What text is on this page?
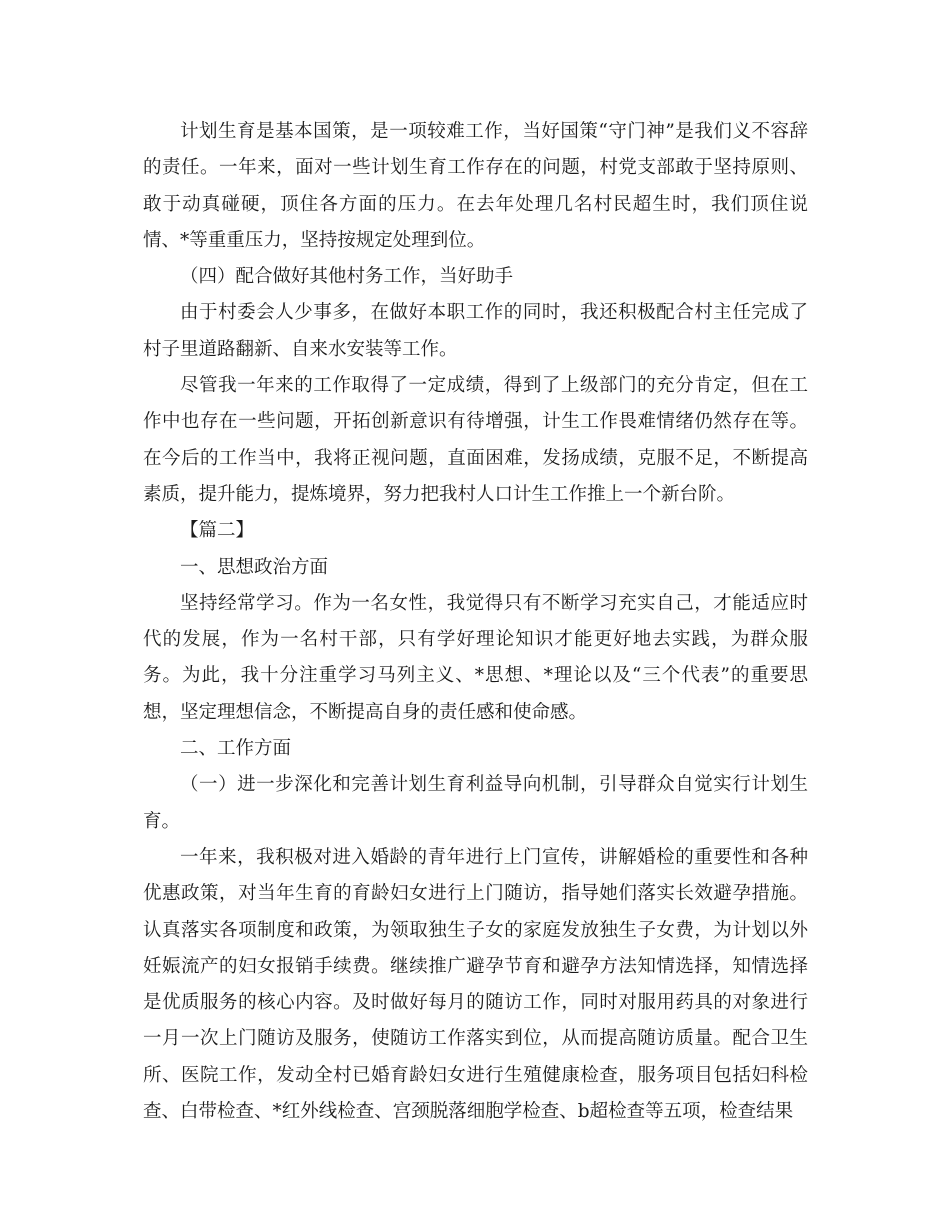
计划生育是基本国策，是一项较难工作，当好国策“守门神”是我们义不容辞的责任。一年来，面对一些计划生育工作存在的问题，村党支部敢于坚持原则、敢于动真碰硬，顶住各方面的压力。在去年处理几名村民超生时，我们顶住说情、*等重重压力，坚持按规定处理到位。

（四）配合做好其他村务工作，当好助手

由于村委会人少事多，在做好本职工作的同时，我还积极配合村主任完成了村子里道路翻新、自来水安装等工作。

尽管我一年来的工作取得了一定成绩，得到了上级部门的充分肯定，但在工作中也存在一些问题，开拓创新意识有待增强，计生工作畏难情绪仍然存在等。在今后的工作当中，我将正视问题，直面困难，发扬成绩，克服不足，不断提高素质，提升能力，提炼境界，努力把我村人口计生工作推上一个新台阶。

【篇二】

一、思想政治方面

坚持经常学习。作为一名女性，我觉得只有不断学习充实自己，才能适应时代的发展，作为一名村干部，只有学好理论知识才能更好地去实践，为群众服务。为此，我十分注重学习马列主义、*思想、*理论以及“三个代表”的重要思想，坚定理想信念，不断提高自身的责任感和使命感。

二、工作方面

（一）进一步深化和完善计划生育利益导向机制，引导群众自觉实行计划生育。

一年来，我积极对进入婚龄的青年进行上门宣传，讲解婚检的重要性和各种优惠政策，对当年生育的育龄妇女进行上门随访，指导她们落实长效避孕措施。认真落实各项制度和政策，为领取独生子女的家庭发放独生子女费，为计划以外妊娠流产的妇女报销手续费。继续推广避孕节育和避孕方法知情选择，知情选择是优质服务的核心内容。及时做好每月的随访工作，同时对服用药具的对象进行一月一次上门随访及服务，使随访工作落实到位，从而提高随访质量。配合卫生所、医院工作，发动全村已婚育龄妇女进行生殖健康检查，服务项目包括妇科检查、白带检查、*红外线检查、宫颈脱落细胞学检查、b超检查等五项，检查结果
